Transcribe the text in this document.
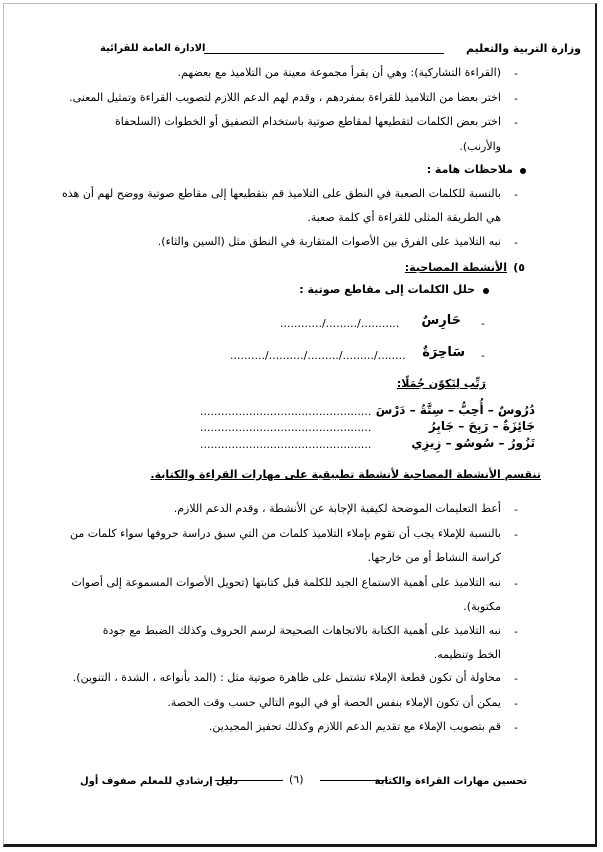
وزارة التربية والتعليم
الادارة العامة للقرائية
-
(القراءة التشاركية): وهي أن يقرأ مجموعة معينة من التلاميذ مع بعضهم.
-
اختر بعضا من التلاميذ للقراءة بمفردهم ، وقدم لهم الدعم اللازم لتصويب القراءة وتمثيل المعنى.
-
اختر بعض الكلمات لتقطيعها لمقاطع صوتية باستخدام التصفيق أو الخطوات (السلحفاة
والأرنب).
ملاحظات هامة :
-
بالنسبة للكلمات الصعبة في النطق على التلاميذ قم بتقطيعها إلى مقاطع صوتية ووضح لهم أن هذه
هي الطريقة المثلى للقراءة أي كلمة صعبة.
-
نبه التلاميذ على الفرق بين الأصوات المتقاربة في النطق مثل (السين والثاء).
٥)
الأنشطة المصاحبة:
حلل الكلمات إلى مقاطع صوتية :
-
حَارِسٌ
............/........./...........
-
سَاحِرَةٌ
........../........../........./........./........
رَتِّب لِتَكوّن جُمَلًا:
دُرُوسٌ – أُحِبُّ – سِتَّةُ – دَرْسَ
.................................................
جَائِزَةٌ – رَبِحَ – جَابِرُ
.................................................
تَزُورُ – سُوسُو – زِيزِي
.................................................
تنقسم الأنشطة المصاحبة لأنشطة تطبيقية على مهارات القراءة والكتابة.
-
أعط التعليمات الموضحة لكيفية الإجابة عن الأنشطة ، وقدم الدعم اللازم.
-
بالنسبة للإملاء يجب أن تقوم بإملاء التلاميذ كلمات من التي سبق دراسة حروفها سواء كلمات من
كراسة النشاط أو من خارجها.
-
نبه التلاميذ على أهمية الاستماع الجيد للكلمة قبل كتابتها (تحويل الأصوات المسموعة إلى أصوات
مكتوبة).
-
نبه التلاميذ على أهمية الكتابة بالاتجاهات الصحيحة لرسم الحروف وكذلك الضبط مع جودة
الخط وتنظيمه.
-
محاولة أن تكون قطعة الإملاء تشتمل على ظاهرة صوتية مثل : (المد بأنواعه ، الشدة ، التنوين).
-
يمكن أن تكون الإملاء بنفس الحصة أو في اليوم التالي حسب وقت الحصة.
-
قم بتصويب الإملاء مع تقديم الدعم اللازم وكذلك تحفيز المجيدين.
تحسين مهارات القراءة والكتابة
(٦)
دليل إرشادي للمعلم صفوف أول
